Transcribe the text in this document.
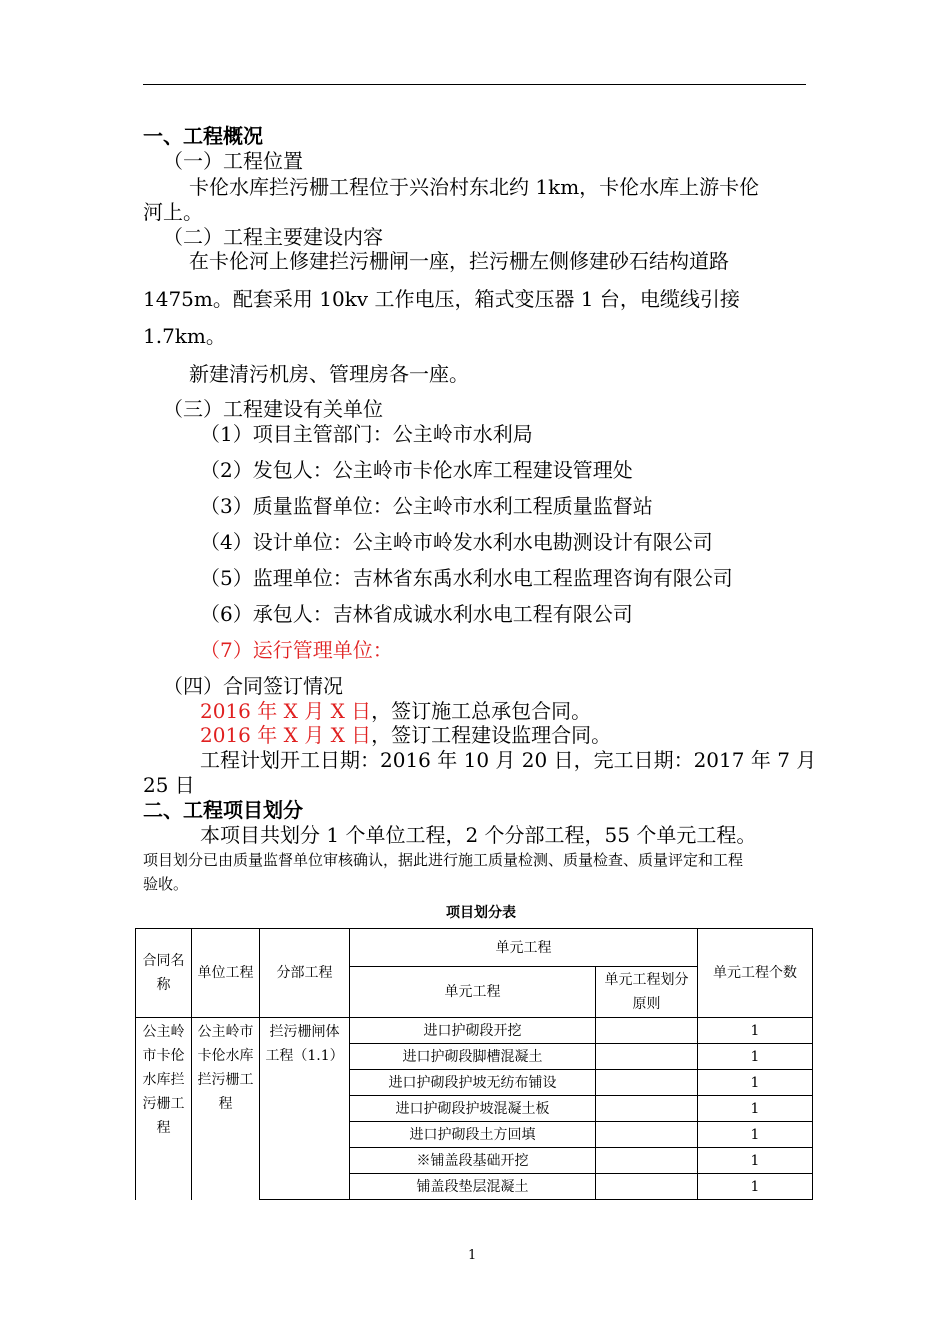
一、工程概况
（一）工程位置
卡伦水库拦污栅工程位于兴治村东北约 1km，卡伦水库上游卡伦
河上。
（二）工程主要建设内容
在卡伦河上修建拦污栅闸一座，拦污栅左侧修建砂石结构道路
1475m。配套采用 10kv 工作电压，箱式变压器 1 台，电缆线引接
1.7km。
新建清污机房、管理房各一座。
（三）工程建设有关单位
（1）项目主管部门：公主岭市水利局
（2）发包人：公主岭市卡伦水库工程建设管理处
（3）质量监督单位：公主岭市水利工程质量监督站
（4）设计单位：公主岭市岭发水利水电勘测设计有限公司
（5）监理单位：吉林省东禹水利水电工程监理咨询有限公司
（6）承包人：吉林省成诚水利水电工程有限公司
（7）运行管理单位：
（四）合同签订情况
2016 年 X 月 X 日，签订施工总承包合同。
2016 年 X 月 X 日，签订工程建设监理合同。
工程计划开工日期：2016 年 10 月 20 日，完工日期：2017 年 7 月
25 日
二、工程项目划分
本项目共划分 1 个单位工程，2 个分部工程，55 个单元工程。
项目划分已由质量监督单位审核确认，据此进行施工质量检测、质量检查、质量评定和工程
验收。
项目划分表
合同名称	单位工程	分部工程	单元工程		单元工程个数
			单元工程	单元工程划分原则	
公主岭市卡伦水库拦污栅工程	公主岭市卡伦水库拦污栅工程	拦污栅闸体工程（1.1）	进口护砌段开挖		1
			进口护砌段脚槽混凝土		1
			进口护砌段护坡无纺布铺设		1
			进口护砌段护坡混凝土板		1
			进口护砌段土方回填		1
			※铺盖段基础开挖		1
			铺盖段垫层混凝土		1
1
